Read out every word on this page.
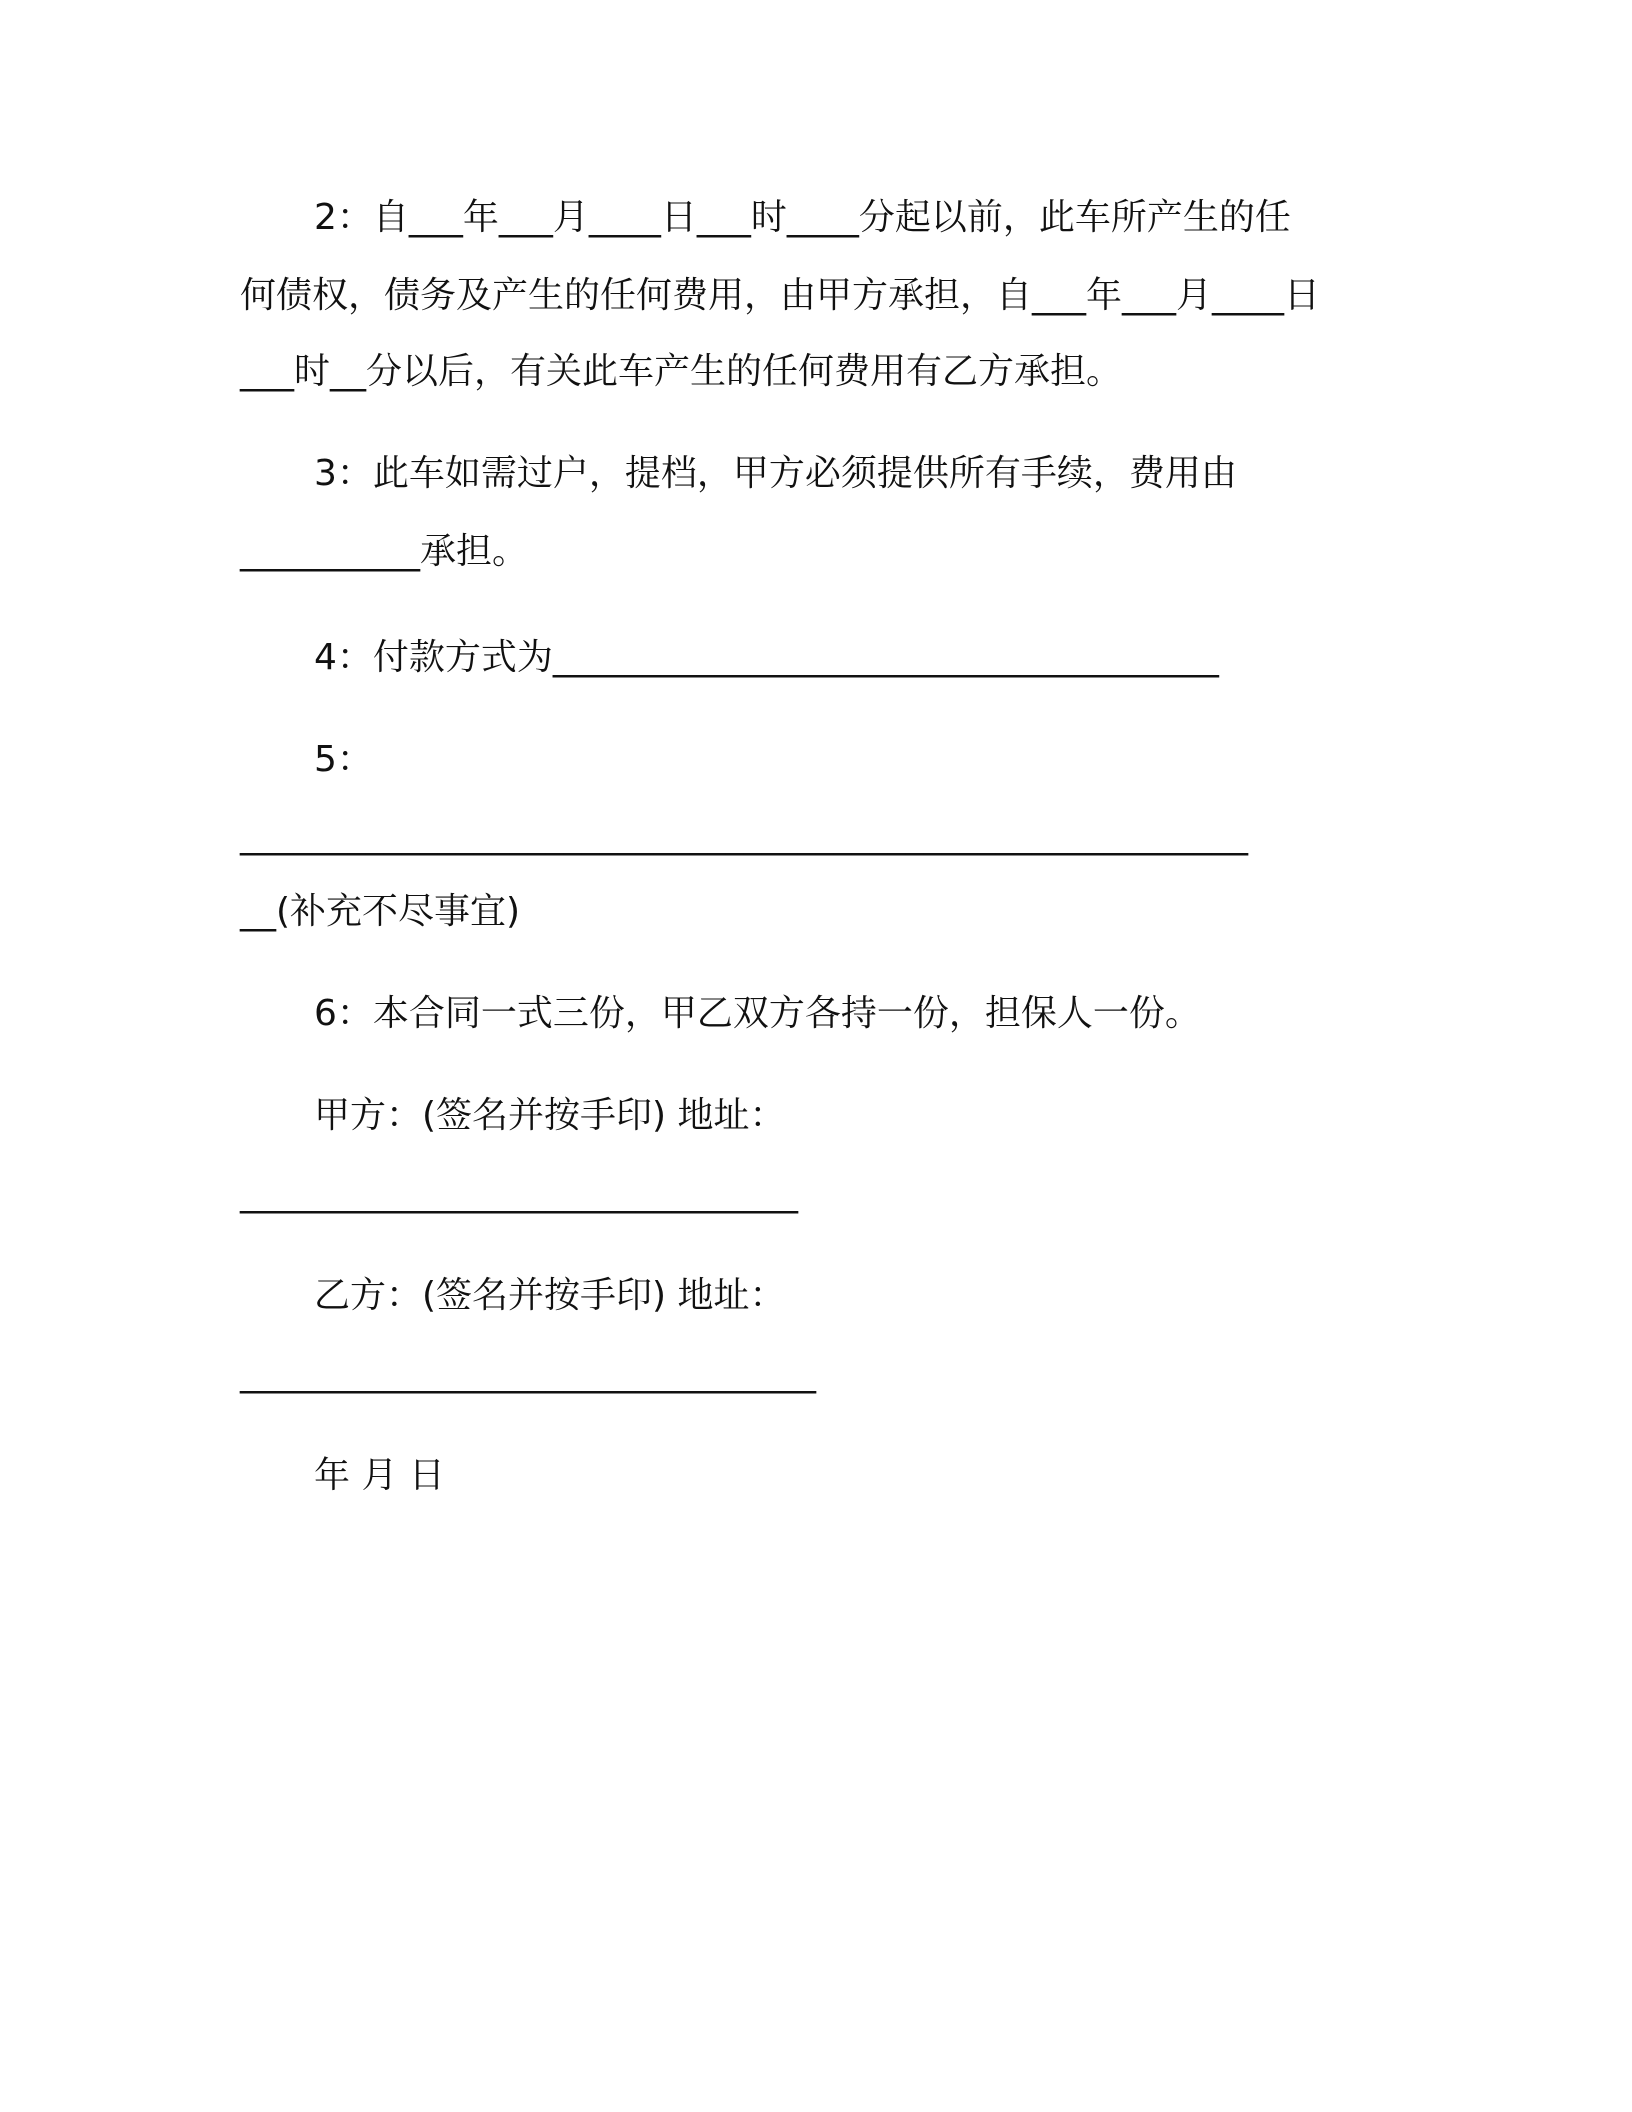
2：自___年___月____日___时____分起以前，此车所产生的任
何债权，债务及产生的任何费用，由甲方承担，自___年___月____日
___时__分以后，有关此车产生的任何费用有乙方承担。
3：此车如需过户，提档，甲方必须提供所有手续，费用由
__________承担。
4：付款方式为_____________________________________
5：
________________________________________________________
__(补充不尽事宜)
6：本合同一式三份，甲乙双方各持一份，担保人一份。
甲方：(签名并按手印) 地址：
_______________________________
乙方：(签名并按手印) 地址：
________________________________
年 月 日
